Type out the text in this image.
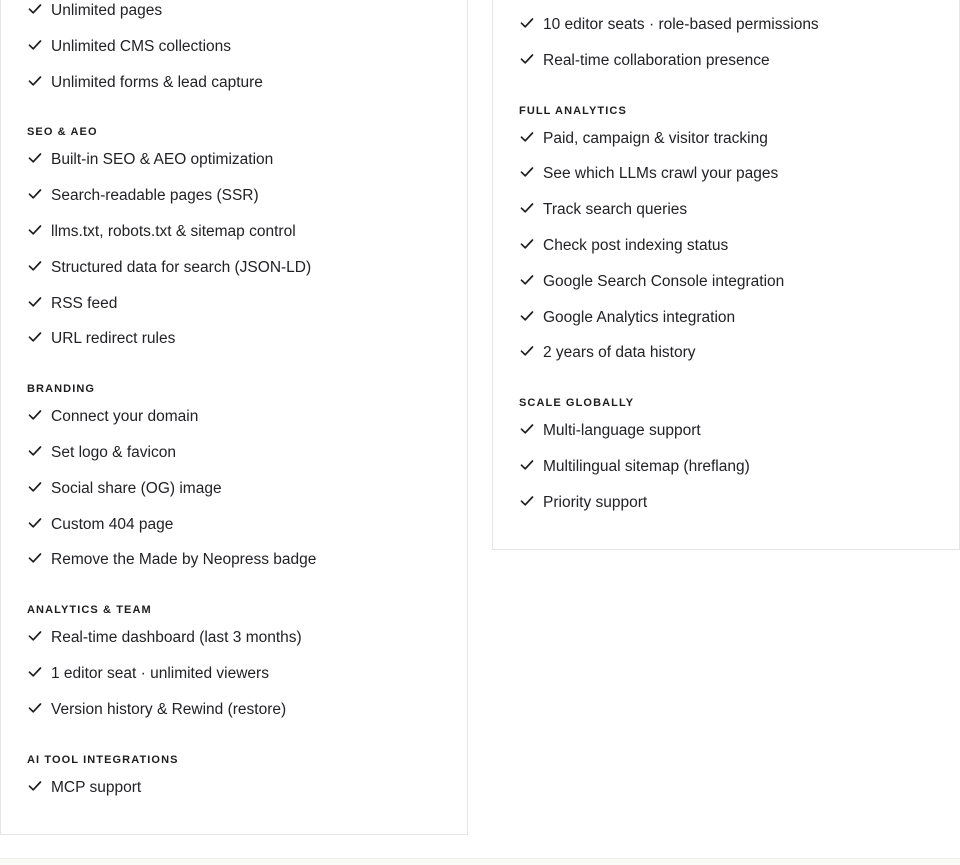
Unlimited pages
Unlimited CMS collections
Unlimited forms & lead capture
SEO & AEO
Built-in SEO & AEO optimization
Search-readable pages (SSR)
llms.txt, robots.txt & sitemap control
Structured data for search (JSON-LD)
RSS feed
URL redirect rules
BRANDING
Connect your domain
Set logo & favicon
Social share (OG) image
Custom 404 page
Remove the Made by Neopress badge
ANALYTICS & TEAM
Real-time dashboard (last 3 months)
1 editor seat · unlimited viewers
Version history & Rewind (restore)
AI TOOL INTEGRATIONS
MCP support
10 editor seats · role-based permissions
Real-time collaboration presence
FULL ANALYTICS
Paid, campaign & visitor tracking
See which LLMs crawl your pages
Track search queries
Check post indexing status
Google Search Console integration
Google Analytics integration
2 years of data history
SCALE GLOBALLY
Multi-language support
Multilingual sitemap (hreflang)
Priority support
